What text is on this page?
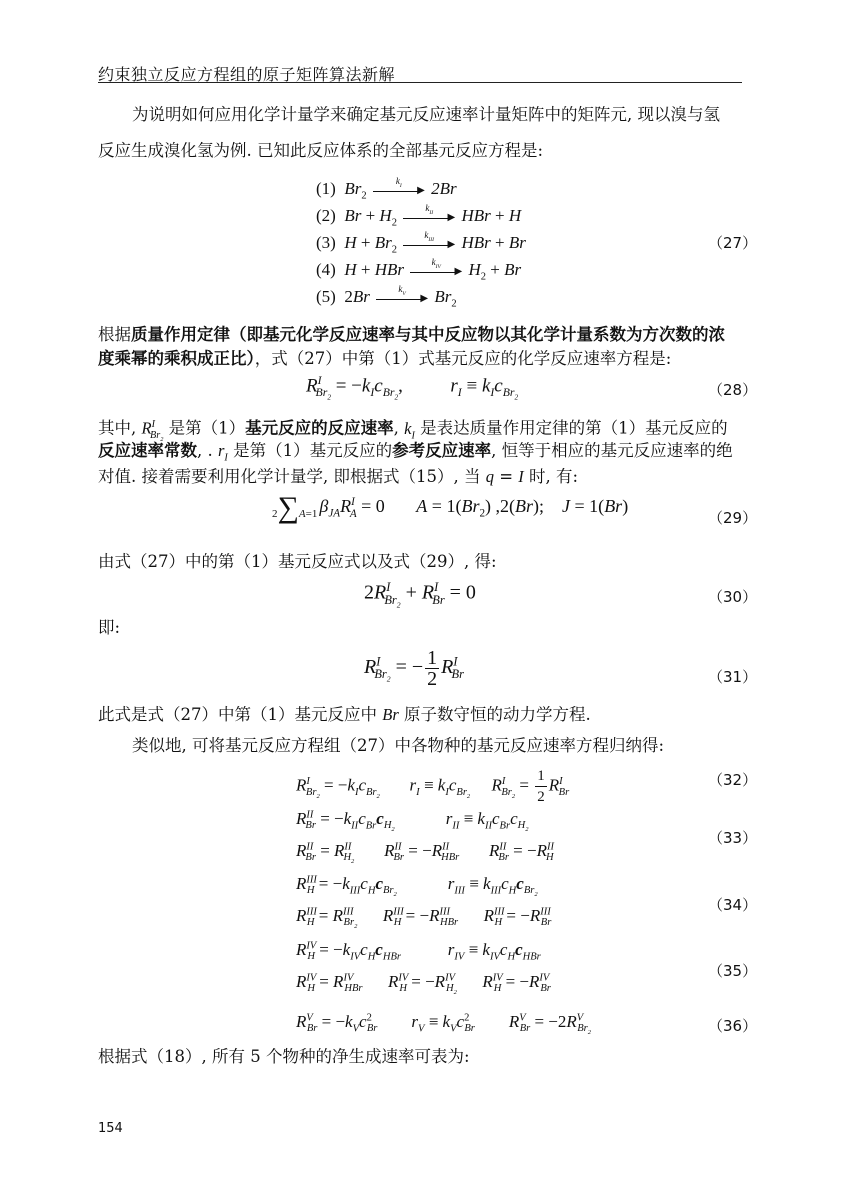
约束独立反应方程组的原子矩阵算法新解
为说明如何应用化学计量学来确定基元反应速率计量矩阵中的矩阵元, 现以溴与氢
反应生成溴化氢为例. 已知此反应体系的全部基元反应方程是:
(1) $Br_2$
$k_I$	▶ 2Br
(2) $Br + H_2$
$k_{II}$	▶ HBr + H
(3) $H + Br_2$
$k_{III}$	▶ HBr + Br
(4) H + HBr	$k_{IV}$	▶ $H_2 + Br$
(5) 2Br	$k_V$	▶ $Br_2$
（27）
根据质量作用定律（即基元化学反应速率与其中反应物以其化学计量系数为方次数的浓
度乘幂的乘积成正比），式（27）中第（1）式基元反应的化学反应速率方程是:
$R^I_{Br_2} = -k_Ic_{Br_2}$,          $r_I \equiv k_Ic_{Br_2}$	（28）
其中, $R^I_{Br_2}$ 是第（1）基元反应的反应速率, $k_I$ 是表达质量作用定律的第（1）基元反应的
反应速率常数, . $r_I$ 是第（1）基元反应的参考反应速率, 恒等于相应的基元反应速率的绝
对值. 接着需要利用化学计量学, 即根据式（15）, 当 q = I 时, 有:
2∑A=1 $\beta_{JA}R^I_A = 0$       $A = 1(Br_2)$ ,2(Br);    J = 1(Br)
（29）
由式（27）中的第（1）基元反应式以及式（29）, 得:
$2R^I_{Br_2} + R^I_{Br} = 0$	（30）
即:
$R^I_{Br_2}$ = − $\frac{1}{2} R^I_{Br}$	（31）
此式是式（27）中第（1）基元反应中 Br 原子数守恒的动力学方程.
类似地, 可将基元反应方程组（27）中各物种的基元反应速率方程归纳得:
$R^I_{Br_2} = -k_Ic_{Br_2}$       $r_I \equiv k_Ic_{Br_2}$     $R^I_{Br_2} = \frac{1}{2} R^I_{Br}$
（32）
$R^{II}_{Br} = -k_{II}c_{Br}c_{H_2}$            $r_{II} \equiv k_{II}c_{Br}c_{H_2}$
$R^{II}_{Br} = R^{II}_{H_2}$       $R^{II}_{Br} = -R^{II}_{HBr}$ $R^{II}_{Br} = -R^{II}_H$
（33）
$R^{III}_H = -k_{III}c_Hc_{Br_2}$            $r_{III} \equiv k_{III}c_Hc_{Br_2}$
$R^{III}_H = R^{III}_{Br_2}$      $R^{III}_H = -R^{III}_{HBr}$ $R^{III}_H = -R^{III}_{Br}$
（34）
$R^{IV}_H = -k_{IV}c_Hc_{HBr}$	$r_{IV} \equiv k_{IV}c_Hc_{HBr}$
$R^{IV}_H = R^{IV}_{HBr}$ $R^{IV}_H = -R^{IV}_{H_2}$      $R^{IV}_H = -R^{IV}_{Br}$
（35）
$R^V_{Br} = -k_Vc^2_{Br}$ $r_V \equiv k_Vc^2_{Br}$ $R^V_{Br} = -2R^V_{Br_2}$	（36）
根据式（18）, 所有 5 个物种的净生成速率可表为:
154
